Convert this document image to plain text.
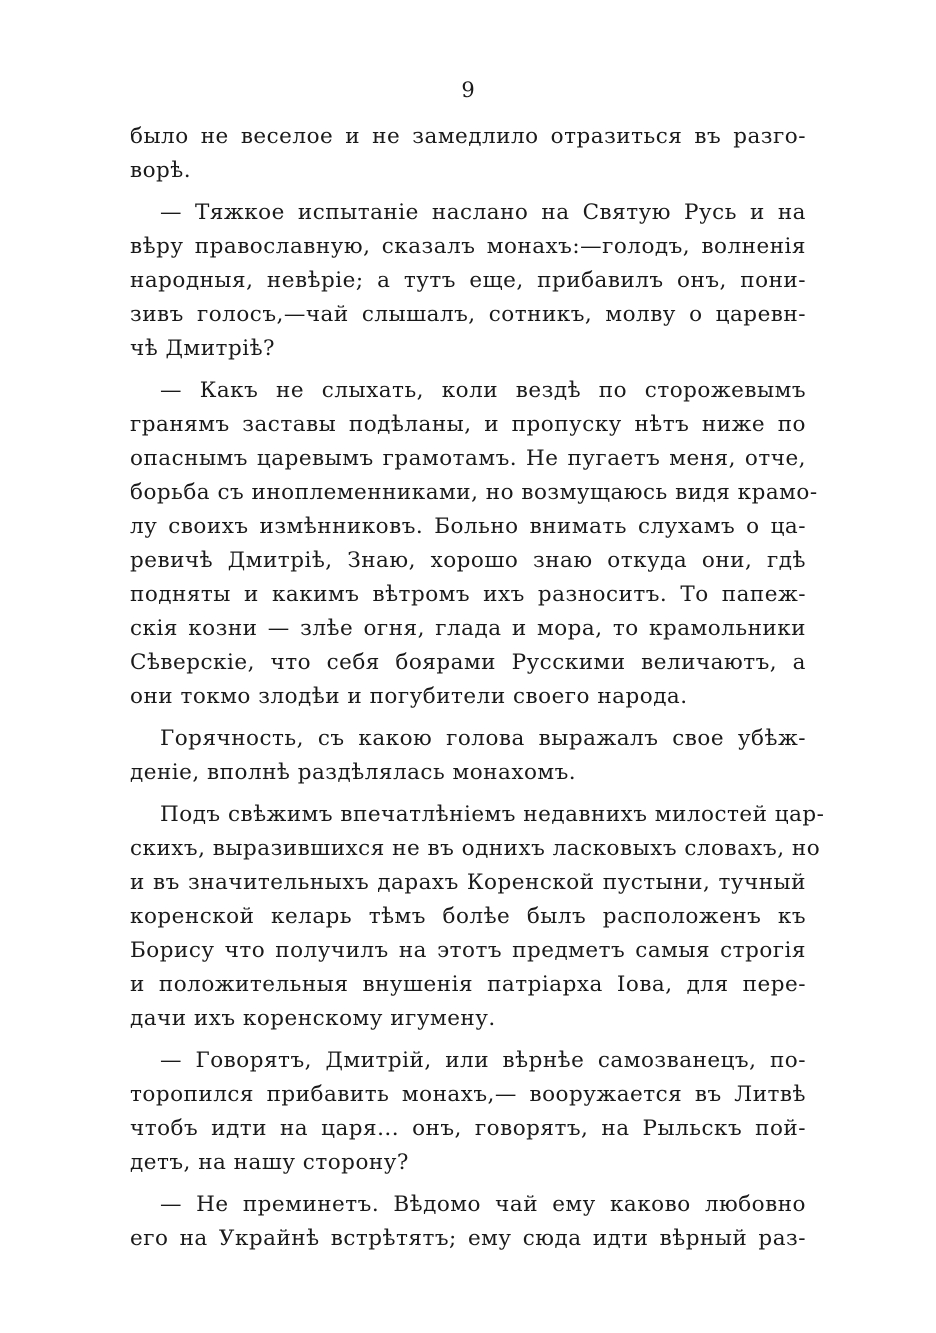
9
было не веселое и не замедлило отразиться въ разго-
ворѣ.
— Тяжкое испытаніе наслано на Святую Русь и на
вѣру православную, сказалъ монахъ:—голодъ, волненія
народныя, невѣріе; а тутъ еще, прибавилъ онъ, пони-
зивъ голосъ,—чай слышалъ, сотникъ, молву о царевн-
чѣ Дмитріѣ?
— Какъ не слыхать, коли вездѣ по сторожевымъ
гранямъ заставы подѣланы, и пропуску нѣтъ ниже по
опаснымъ царевымъ грамотамъ. Не пугаетъ меня, отче,
борьба съ иноплеменниками, но возмущаюсь видя крамо-
лу своихъ измѣнниковъ. Больно внимать слухамъ о ца-
ревичѣ Дмитріѣ, Знаю, хорошо знаю откуда они, гдѣ
подняты и какимъ вѣтромъ ихъ разноситъ. То папеж-
скія козни — злѣе огня, глада и мора, то крамольники
Сѣверскіе, что себя боярами Русскими величаютъ, а
они токмо злодѣи и погубители своего народа.
Горячность, съ какою голова выражалъ свое убѣж-
деніе, вполнѣ раздѣлялась монахомъ.
Подъ свѣжимъ впечатлѣніемъ недавнихъ милостей цар-
скихъ, выразившихся не въ однихъ ласковыхъ словахъ, но
и въ значительныхъ дарахъ Коренской пустыни, тучный
коренской келарь тѣмъ болѣе былъ расположенъ къ
Борису что получилъ на этотъ предметъ самыя строгія
и положительныя внушенія патріарха Іова, для пере-
дачи ихъ коренскому игумену.
— Говорятъ, Дмитрій, или вѣрнѣе самозванецъ, по-
торопился прибавить монахъ,— вооружается въ Литвѣ
чтобъ идти на царя... онъ, говорятъ, на Рыльскъ пой-
детъ, на нашу сторону?
— Не преминетъ. Вѣдомо чай ему каково любовно
его на Украйнѣ встрѣтятъ; ему сюда идти вѣрный раз-
